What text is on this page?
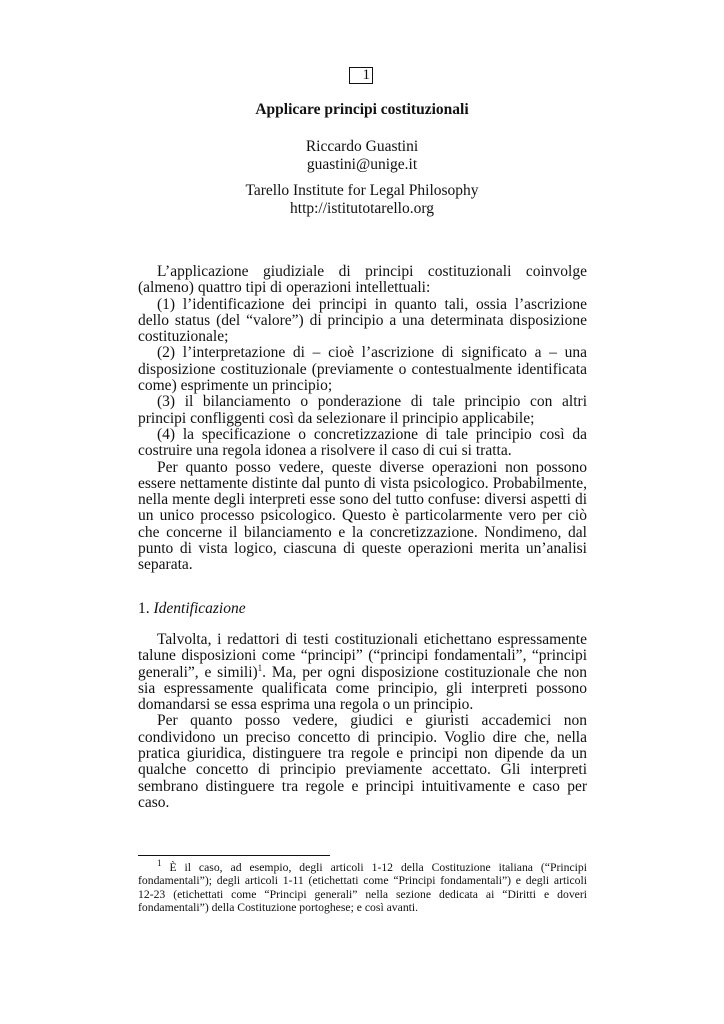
1
Applicare principi costituzionali
Riccardo Guastini
guastini@unige.it
Tarello Institute for Legal Philosophy
http://istitutotarello.org

L’applicazione giudiziale di principi costituzionali coinvolge (almeno) quattro tipi di operazioni intellettuali:

(1) l’identificazione dei principi in quanto tali, ossia l’ascrizione dello status (del “valore”) di principio a una determinata disposizione costituzionale;

(2) l’interpretazione di – cioè l’ascrizione di significato a – una disposizione costituzionale (previamente o contestualmente identificata come) esprimente un principio;

(3) il bilanciamento o ponderazione di tale principio con altri principi confliggenti così da selezionare il principio applicabile;

(4) la specificazione o concretizzazione di tale principio così da costruire una regola idonea a risolvere il caso di cui si tratta.

Per quanto posso vedere, queste diverse operazioni non possono essere nettamente distinte dal punto di vista psicologico. Probabilmente, nella mente degli interpreti esse sono del tutto confuse: diversi aspetti di un unico processo psicologico. Questo è particolarmente vero per ciò che concerne il bilanciamento e la concretizzazione. Nondimeno, dal punto di vista logico, ciascuna di queste operazioni merita un’analisi separata.

1. Identificazione

Talvolta, i redattori di testi costituzionali etichettano espressamente talune disposizioni come “principi” (“principi fondamentali”, “principi generali”, e simili)$^1$. Ma, per ogni disposizione costituzionale che non sia espressamente qualificata come principio, gli interpreti possono domandarsi se essa esprima una regola o un principio.

Per quanto posso vedere, giudici e giuristi accademici non condividono un preciso concetto di principio. Voglio dire che, nella pratica giuridica, distinguere tra regole e principi non dipende da un qualche concetto di principio previamente accettato. Gli interpreti sembrano distinguere tra regole e principi intuitivamente e caso per caso.

$^1$ È il caso, ad esempio, degli articoli 1-12 della Costituzione italiana (“Principi fondamentali”); degli articoli 1-11 (etichettati come “Principi fondamentali”) e degli articoli 12-23 (etichettati come “Principi generali” nella sezione dedicata ai “Diritti e doveri fondamentali”) della Costituzione portoghese; e così avanti.
